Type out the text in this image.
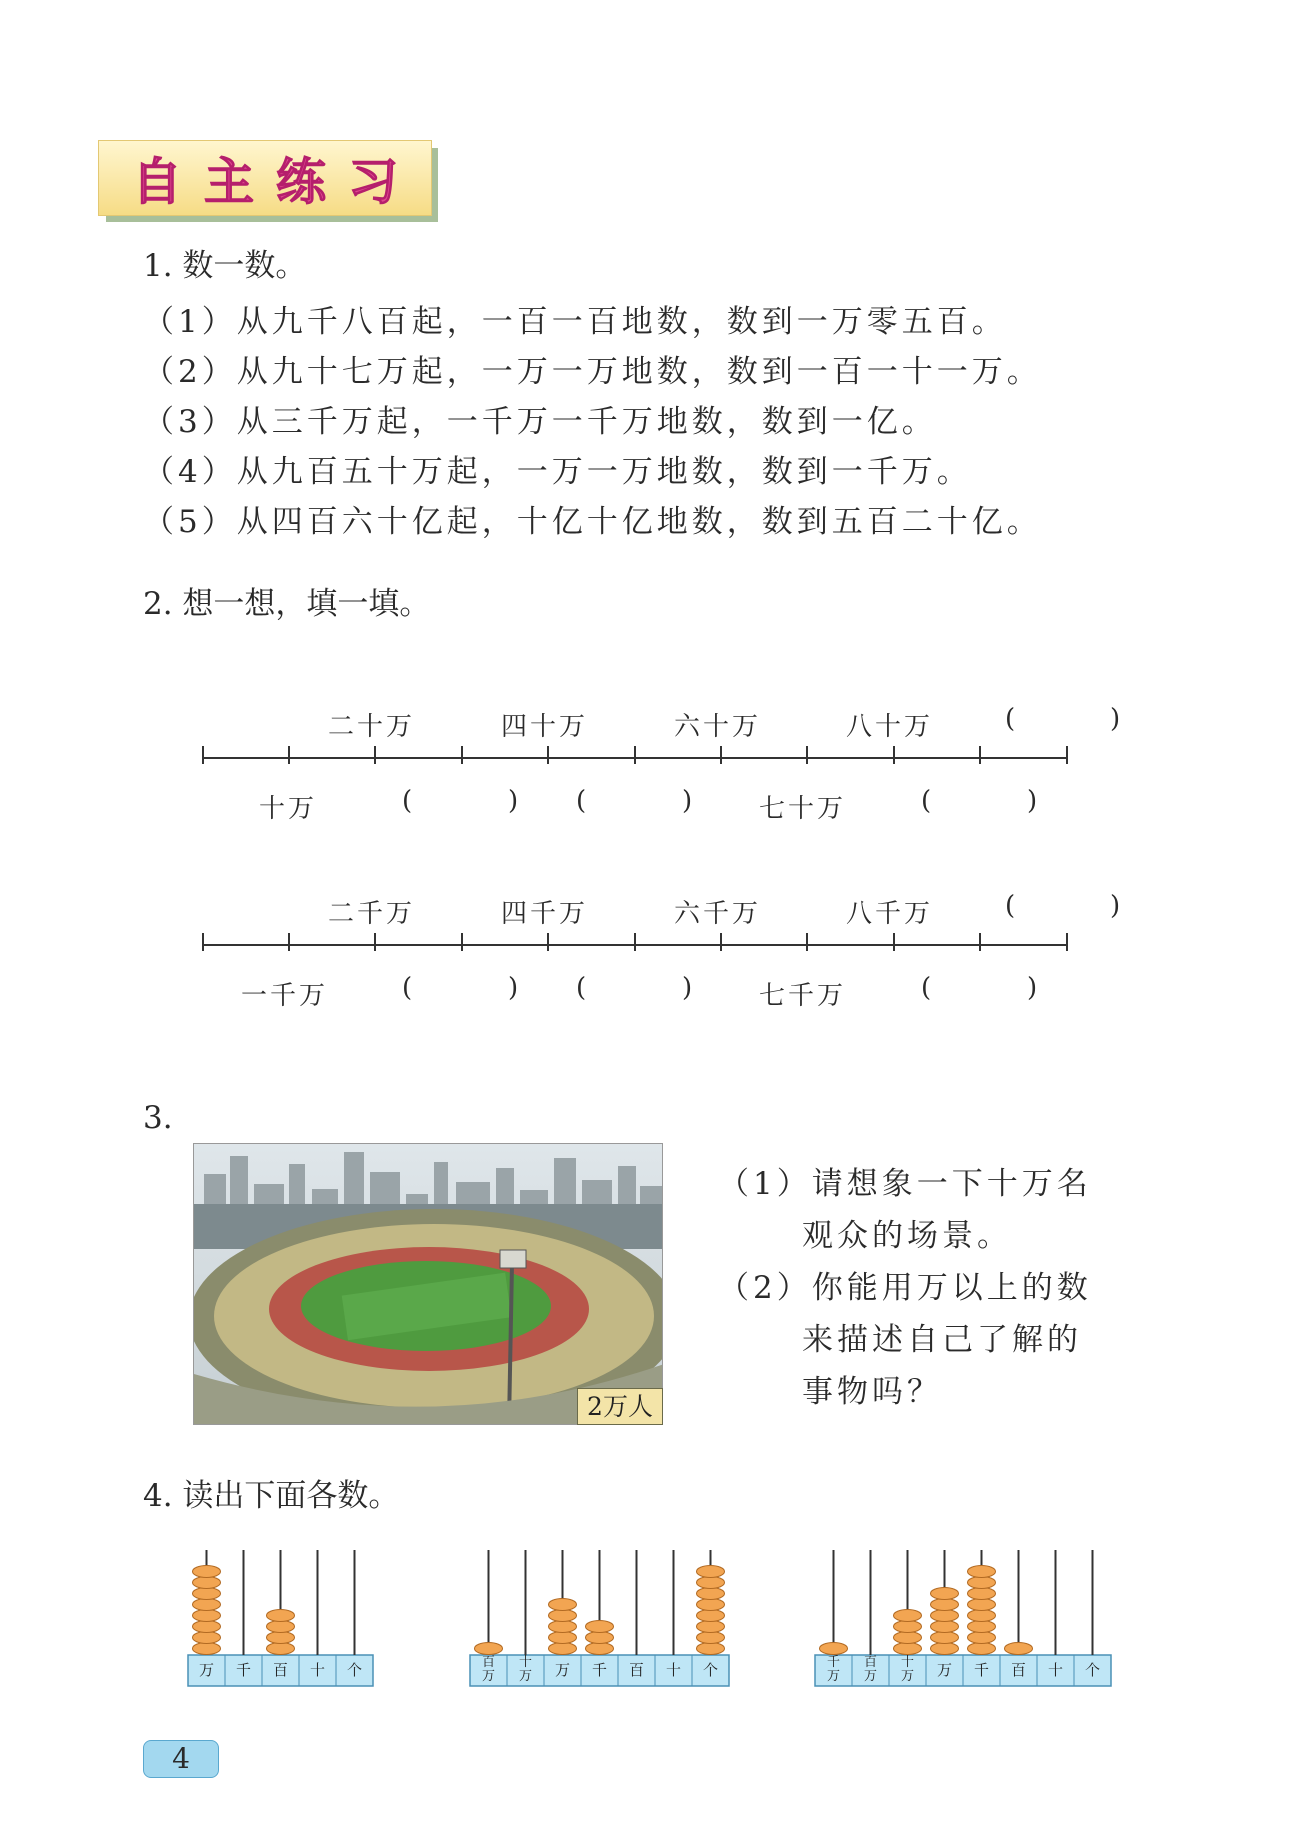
自主练习
1. 数一数。
（1）从九千八百起，一百一百地数，数到一万零五百。
（2）从九十七万起，一万一万地数，数到一百一十一万。
（3）从三千万起，一千万一千万地数，数到一亿。
（4）从九百五十万起，一万一万地数，数到一千万。
（5）从四百六十亿起，十亿十亿地数，数到五百二十亿。
2. 想一想，填一填。
二十万	四十万	六十万	八十万	(	)
十万	(	) (	) 七十万	(	)
二千万	四千万	六千万	八千万	(	)
一千万	(	) (	) 七千万	(	)
3.
2万人
（1）请想象一下十万名
观众的场景。
（2）你能用万以上的数
来描述自己了解的
事物吗？
4. 读出下面各数。
万	千	百	十	个	百
万
十
万	万	千	百	十	个	千
万
百
万
十
万	万	千	百	十	个
4
